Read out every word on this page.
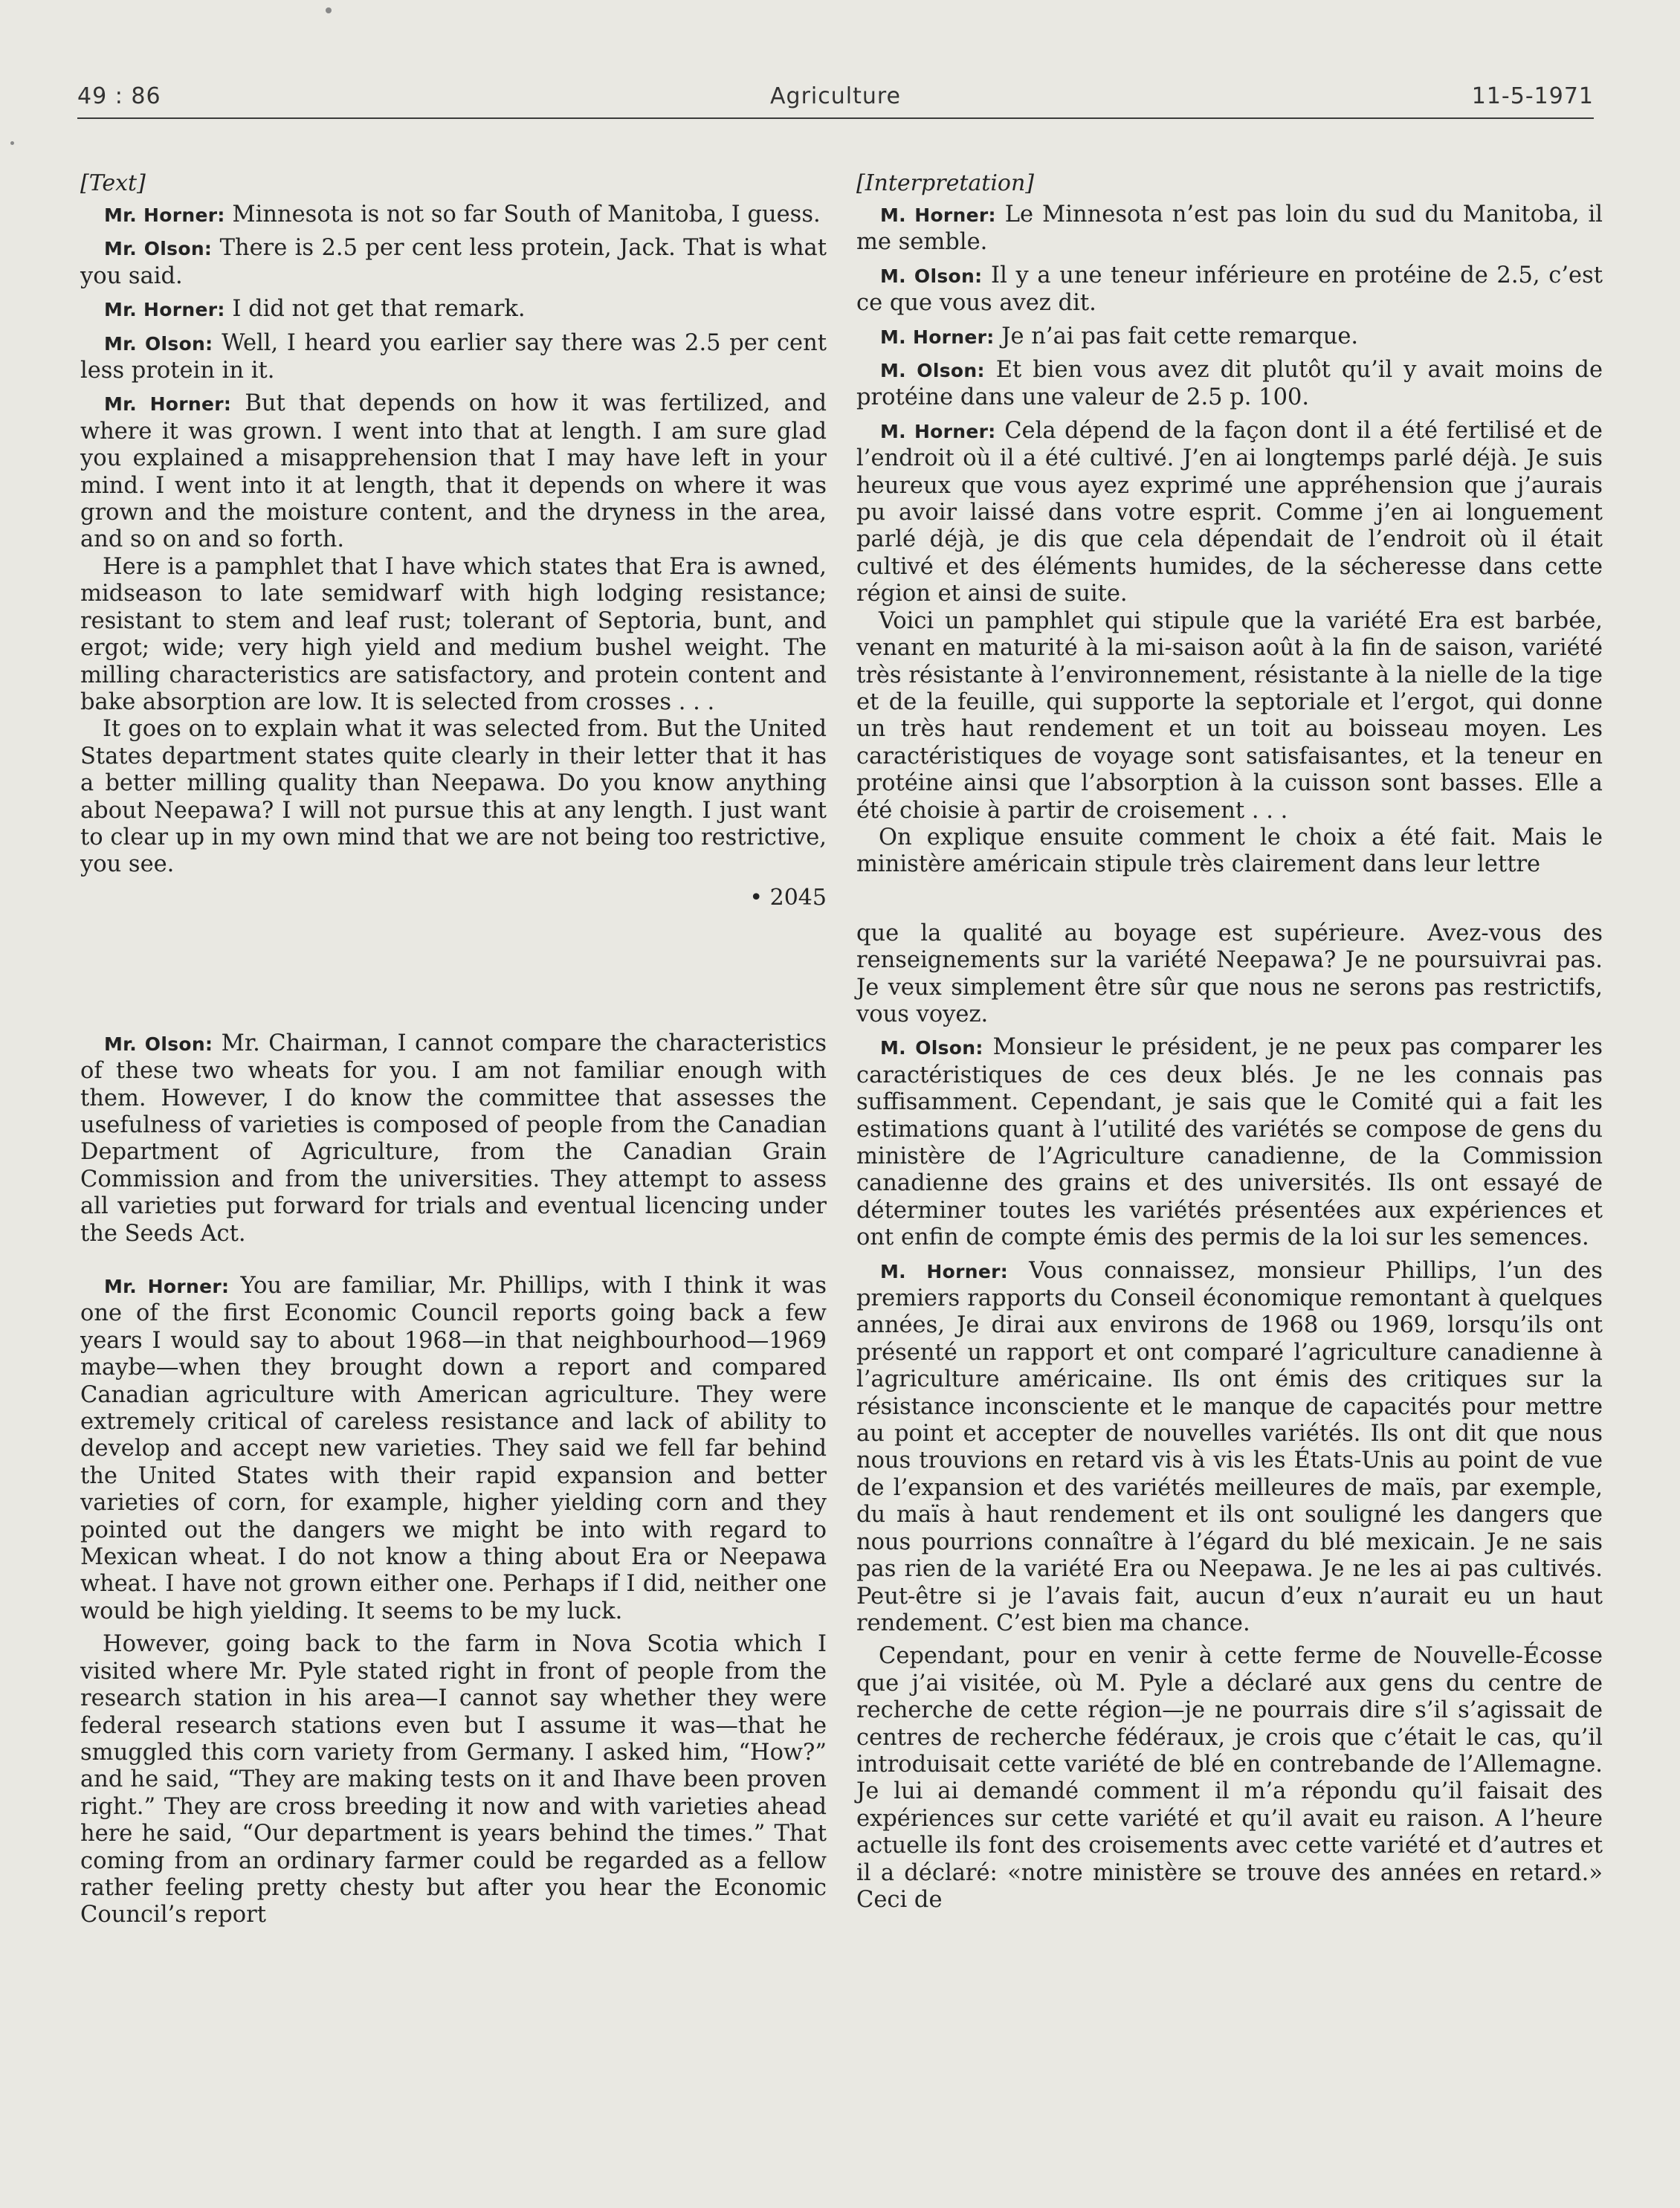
49 : 86	Agriculture	11-5-1971
[Text]

Mr. Horner: Minnesota is not so far South of Manitoba, I guess.

Mr. Olson: There is 2.5 per cent less protein, Jack. That is what you said.

Mr. Horner: I did not get that remark.

Mr. Olson: Well, I heard you earlier say there was 2.5 per cent less protein in it.

Mr. Horner: But that depends on how it was fertilized, and where it was grown. I went into that at length. I am sure glad you explained a misapprehension that I may have left in your mind. I went into it at length, that it depends on where it was grown and the moisture content, and the dryness in the area, and so on and so forth.

Here is a pamphlet that I have which states that Era is awned, midseason to late semidwarf with high lodging resistance; resistant to stem and leaf rust; tolerant of Septoria, bunt, and ergot; wide; very high yield and medium bushel weight. The milling characteristics are satisfactory, and protein content and bake absorption are low. It is selected from crosses . . .

It goes on to explain what it was selected from. But the United States department states quite clearly in their letter that it has a better milling quality than Neepawa. Do you know anything about Neepawa? I will not pursue this at any length. I just want to clear up in my own mind that we are not being too restrictive, you see.

• 2045

Mr. Olson: Mr. Chairman, I cannot compare the characteristics of these two wheats for you. I am not familiar enough with them. However, I do know the committee that assesses the usefulness of varieties is composed of people from the Canadian Department of Agriculture, from the Canadian Grain Commission and from the universities. They attempt to assess all varieties put forward for trials and eventual licencing under the Seeds Act.

Mr. Horner: You are familiar, Mr. Phillips, with I think it was one of the first Economic Council reports going back a few years I would say to about 1968—in that neighbourhood—1969 maybe—when they brought down a report and compared Canadian agriculture with American agriculture. They were extremely critical of careless resistance and lack of ability to develop and accept new varieties. They said we fell far behind the United States with their rapid expansion and better varieties of corn, for example, higher yielding corn and they pointed out the dangers we might be into with regard to Mexican wheat. I do not know a thing about Era or Neepawa wheat. I have not grown either one. Perhaps if I did, neither one would be high yielding. It seems to be my luck.

However, going back to the farm in Nova Scotia which I visited where Mr. Pyle stated right in front of people from the research station in his area—I cannot say whether they were federal research stations even but I assume it was—that he smuggled this corn variety from Germany. I asked him, “How?” and he said, “They are making tests on it and Ihave been proven right.” They are cross breeding it now and with varieties ahead here he said, “Our department is years behind the times.” That coming from an ordinary farmer could be regarded as a fellow rather feeling pretty chesty but after you hear the Economic Council’s report

[Interpretation]

M. Horner: Le Minnesota n’est pas loin du sud du Manitoba, il me semble.

M. Olson: Il y a une teneur inférieure en protéine de 2.5, c’est ce que vous avez dit.

M. Horner: Je n’ai pas fait cette remarque.

M. Olson: Et bien vous avez dit plutôt qu’il y avait moins de protéine dans une valeur de 2.5 p. 100.

M. Horner: Cela dépend de la façon dont il a été fertilisé et de l’endroit où il a été cultivé. J’en ai longtemps parlé déjà. Je suis heureux que vous ayez exprimé une appréhension que j’aurais pu avoir laissé dans votre esprit. Comme j’en ai longuement parlé déjà, je dis que cela dépendait de l’endroit où il était cultivé et des éléments humides, de la sécheresse dans cette région et ainsi de suite.

Voici un pamphlet qui stipule que la variété Era est barbée, venant en maturité à la mi-saison août à la fin de saison, variété très résistante à l’environnement, résistante à la nielle de la tige et de la feuille, qui supporte la septoriale et l’ergot, qui donne un très haut rendement et un toit au boisseau moyen. Les caractéristiques de voyage sont satisfaisantes, et la teneur en protéine ainsi que l’absorption à la cuisson sont basses. Elle a été choisie à partir de croisement . . .

On explique ensuite comment le choix a été fait. Mais le ministère américain stipule très clairement dans leur lettre

que la qualité au boyage est supérieure. Avez-vous des renseignements sur la variété Neepawa? Je ne poursuivrai pas. Je veux simplement être sûr que nous ne serons pas restrictifs, vous voyez.

M. Olson: Monsieur le président, je ne peux pas comparer les caractéristiques de ces deux blés. Je ne les connais pas suffisamment. Cependant, je sais que le Comité qui a fait les estimations quant à l’utilité des variétés se compose de gens du ministère de l’Agriculture canadienne, de la Commission canadienne des grains et des universités. Ils ont essayé de déterminer toutes les variétés présentées aux expériences et ont enfin de compte émis des permis de la loi sur les semences.

M. Horner: Vous connaissez, monsieur Phillips, l’un des premiers rapports du Conseil économique remontant à quelques années, Je dirai aux environs de 1968 ou 1969, lorsqu’ils ont présenté un rapport et ont comparé l’agriculture canadienne à l’agriculture américaine. Ils ont émis des critiques sur la résistance inconsciente et le manque de capacités pour mettre au point et accepter de nouvelles variétés. Ils ont dit que nous nous trouvions en retard vis à vis les États-Unis au point de vue de l’expansion et des variétés meilleures de maïs, par exemple, du maïs à haut rendement et ils ont souligné les dangers que nous pourrions connaître à l’égard du blé mexicain. Je ne sais pas rien de la variété Era ou Neepawa. Je ne les ai pas cultivés. Peut-être si je l’avais fait, aucun d’eux n’aurait eu un haut rendement. C’est bien ma chance.

Cependant, pour en venir à cette ferme de Nouvelle-Écosse que j’ai visitée, où M. Pyle a déclaré aux gens du centre de recherche de cette région—je ne pourrais dire s’il s’agissait de centres de recherche fédéraux, je crois que c’était le cas, qu’il introduisait cette variété de blé en contrebande de l’Allemagne. Je lui ai demandé comment il m’a répondu qu’il faisait des expériences sur cette variété et qu’il avait eu raison. A l’heure actuelle ils font des croisements avec cette variété et d’autres et il a déclaré: «notre ministère se trouve des années en retard.» Ceci de
